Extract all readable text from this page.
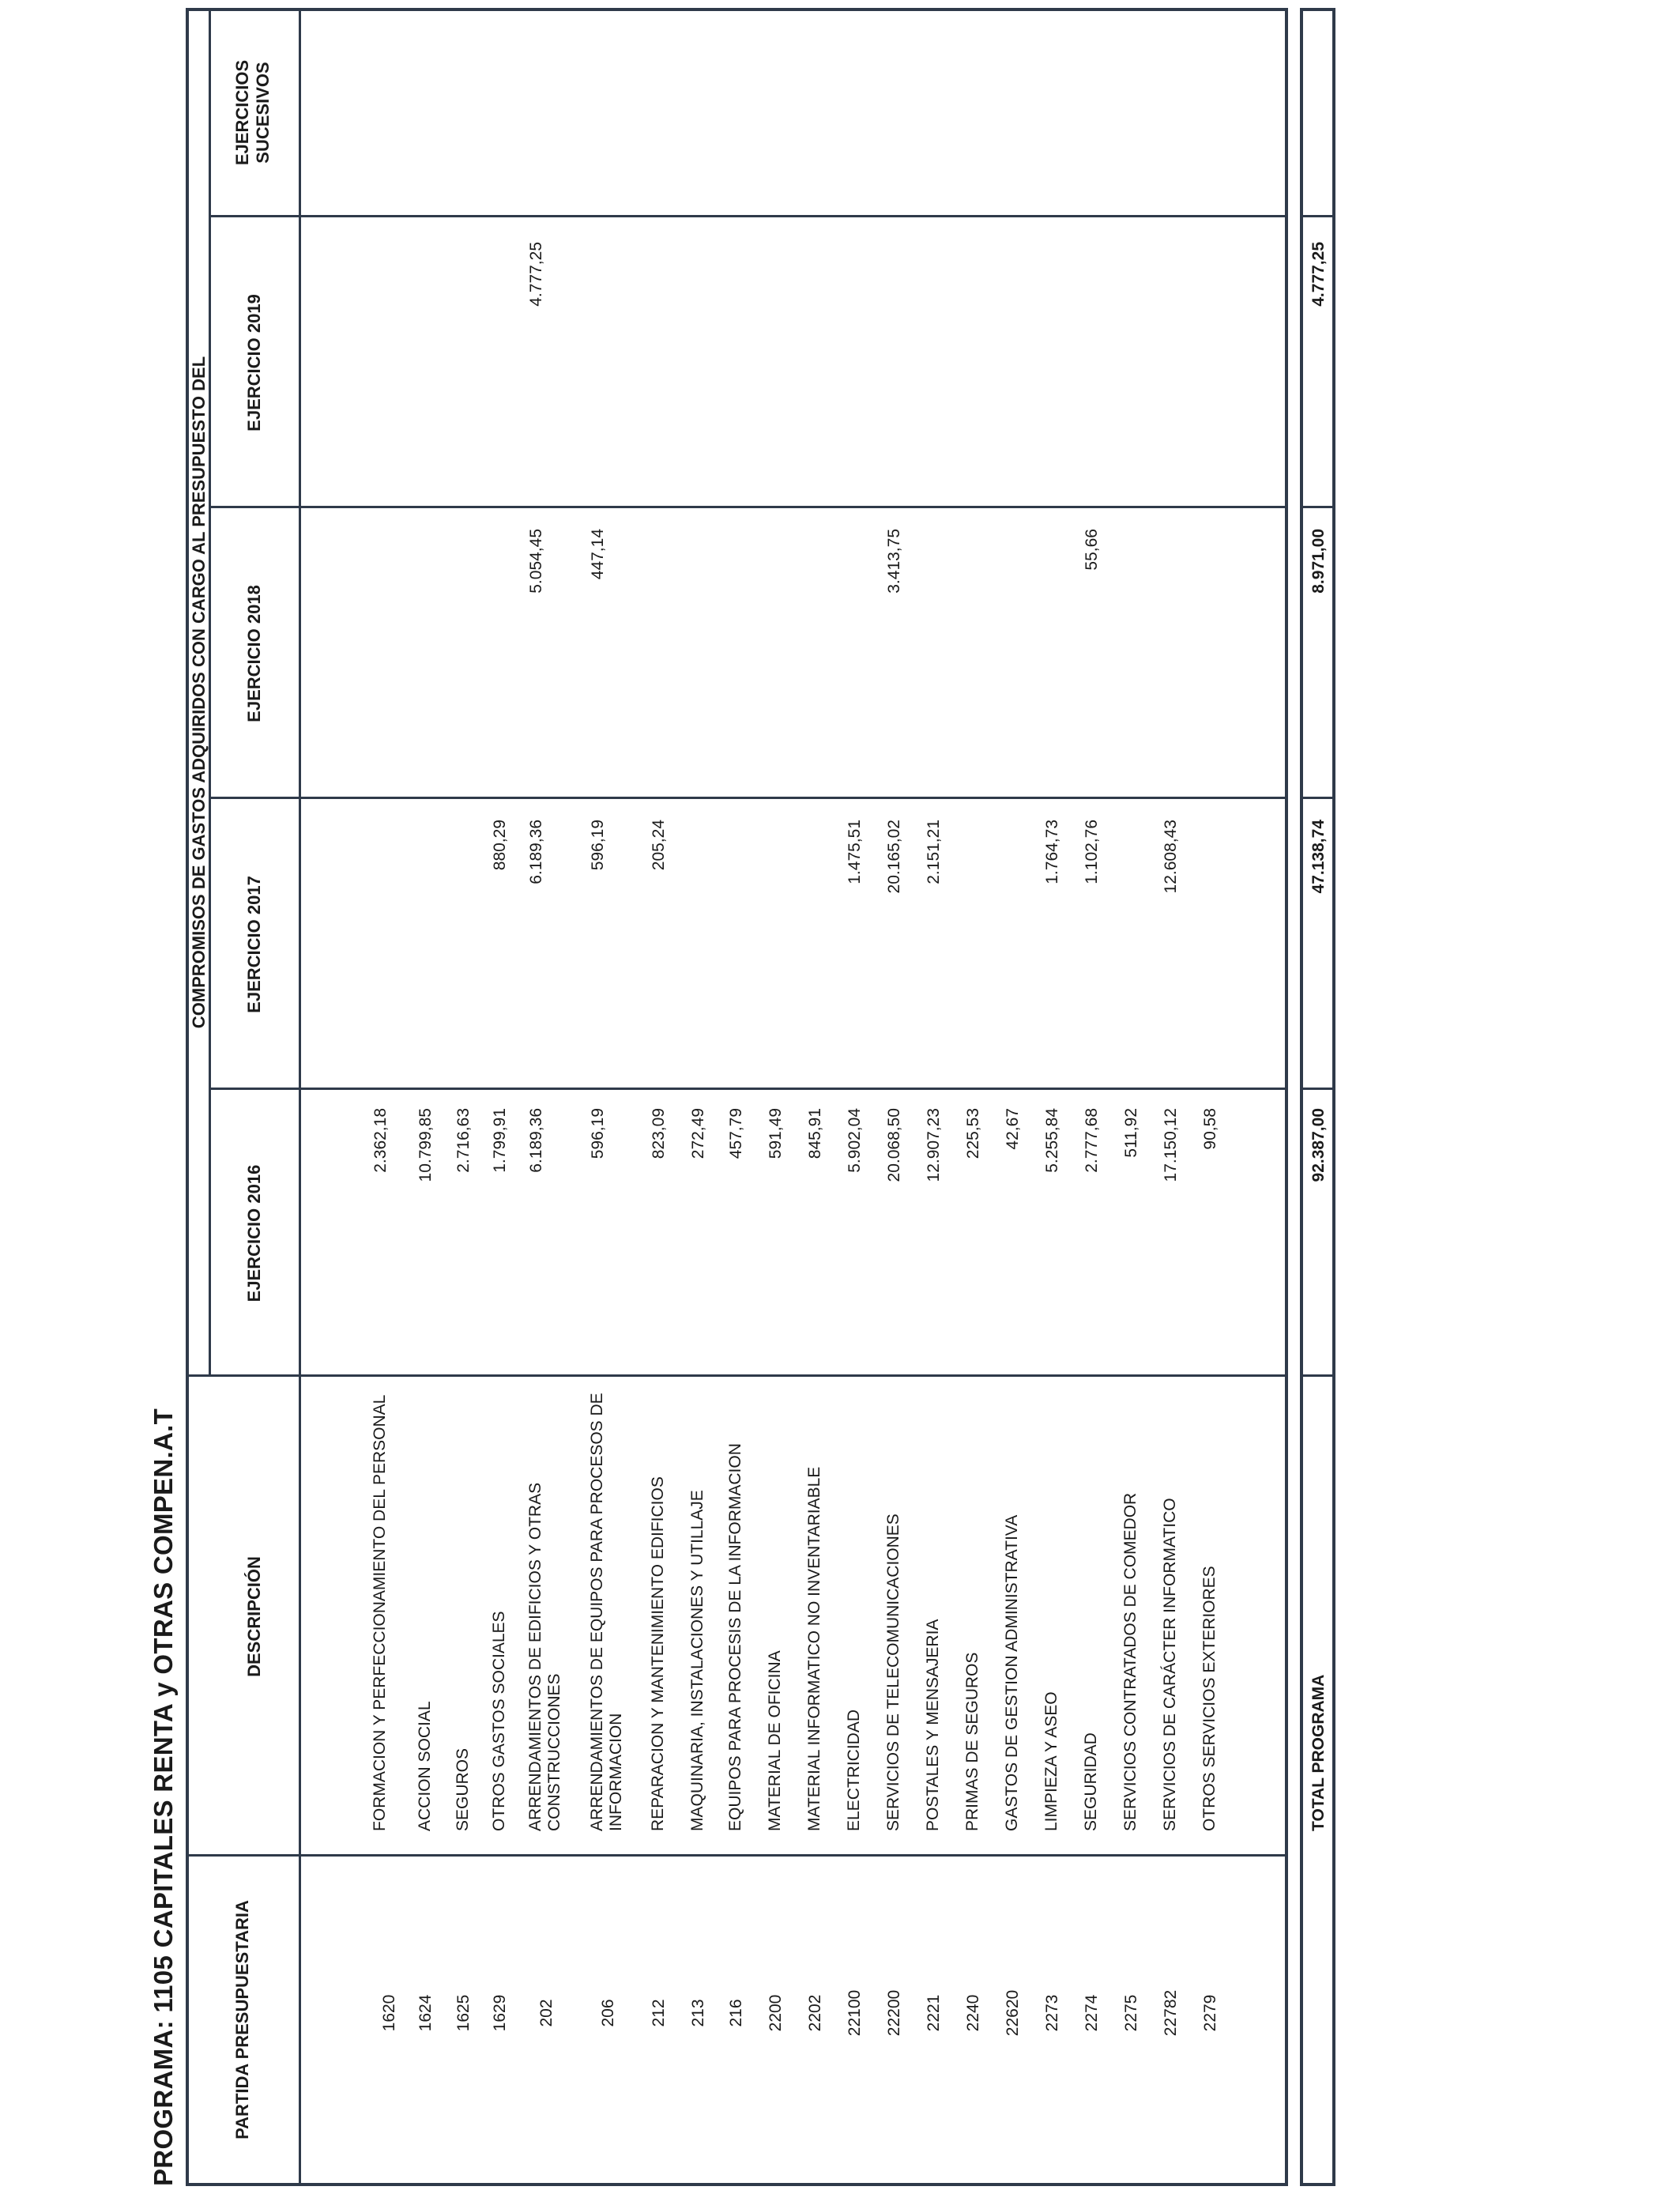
PROGRAMA: 1105 CAPITALES RENTA y OTRAS COMPEN.A.T	PARTIDA PRESUPUESTARIA
DESCRIPCIÓN
COMPROMISOS DE GASTOS ADQUIRIDOS CON CARGO AL PRESUPUESTO DEL
EJERCICIO 2016
EJERCICIO 2017
EJERCICIO 2018
EJERCICIO 2019
EJERCICIOS SUCESIVOS
1620
FORMACION Y PERFECCIONAMIENTO DEL PERSONAL
2.362,18
1624
ACCION SOCIAL
10.799,85
1625
SEGUROS
2.716,63
1629
OTROS GASTOS SOCIALES
1.799,91
880,29
202
ARRENDAMIENTOS DE EDIFICIOS Y OTRAS CONSTRUCCIONES
6.189,36
6.189,36
5.054,45
4.777,25
206
ARRENDAMIENTOS DE EQUIPOS PARA PROCESOS DE INFORMACION
596,19
596,19
447,14
212
REPARACION Y MANTENIMIENTO EDIFICIOS
823,09
205,24
213
MAQUINARIA, INSTALACIONES Y UTILLAJE
272,49
216
EQUIPOS PARA PROCESIS DE LA INFORMACION
457,79
2200
MATERIAL DE OFICINA
591,49
2202
MATERIAL INFORMATICO NO INVENTARIABLE
845,91
22100
ELECTRICIDAD
5.902,04
1.475,51
22200
SERVICIOS DE TELECOMUNICACIONES
20.068,50
20.165,02
3.413,75
2221
POSTALES Y MENSAJERIA
12.907,23
2.151,21
2240
PRIMAS DE SEGUROS
225,53
22620
GASTOS DE GESTION ADMINISTRATIVA
42,67
2273
LIMPIEZA Y ASEO
5.255,84
1.764,73
2274
SEGURIDAD
2.777,68
1.102,76
55,66
2275
SERVICIOS CONTRATADOS DE COMEDOR
511,92
22782
SERVICIOS DE CARÁCTER INFORMATICO
17.150,12
12.608,43
2279
OTROS SERVICIOS EXTERIORES
90,58
TOTAL PROGRAMA
92.387,00
47.138,74
8.971,00
4.777,25
